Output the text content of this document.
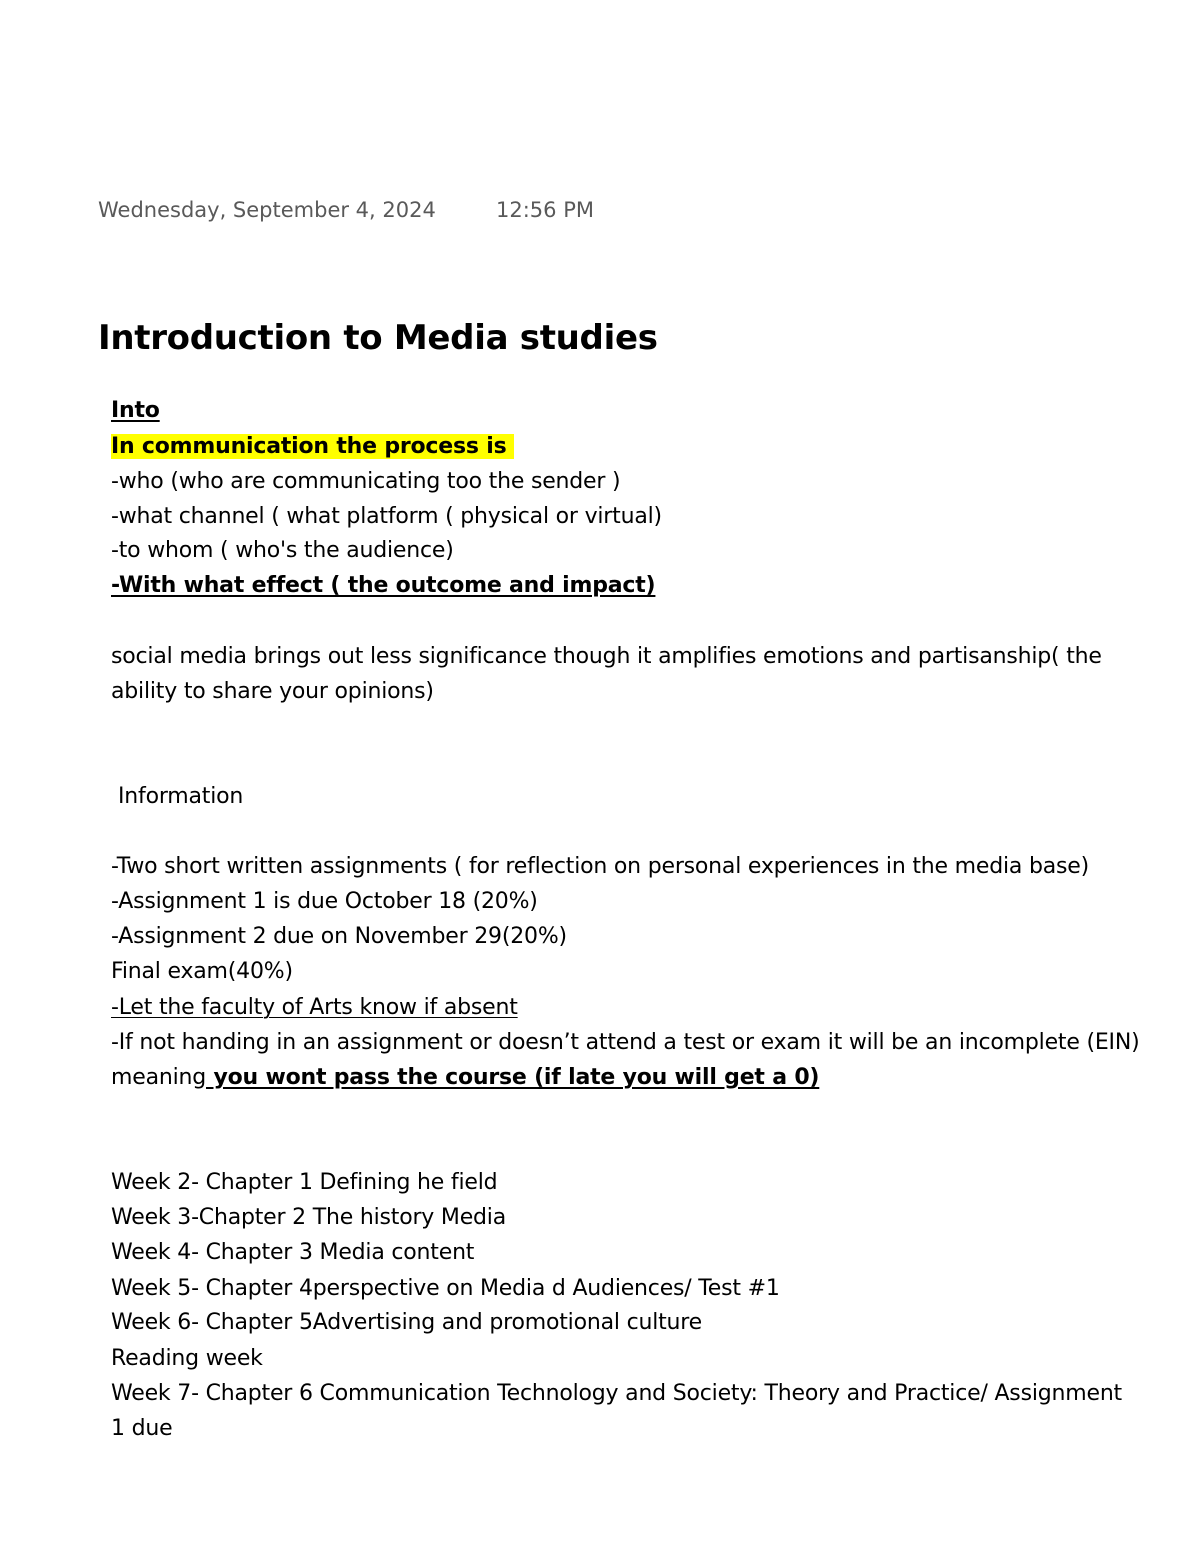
Wednesday, September 4, 2024	12:56 PM
Introduction to Media studies
Into
In communication the process is
-who (who are communicating too the sender )
-what channel ( what platform ( physical or virtual)
-to whom ( who's the audience)
-With what effect ( the outcome and impact)
social media brings out less significance though it amplifies emotions and partisanship( the
ability to share your opinions)
Information
-Two short written assignments ( for reflection on personal experiences in the media base)
-Assignment 1 is due October 18 (20%)
-Assignment 2 due on November 29(20%)
Final exam(40%)
-Let the faculty of Arts know if absent
-If not handing in an assignment or doesn’t attend a test or exam it will be an incomplete (EIN)
meaning you wont pass the course (if late you will get a 0)
Week 2- Chapter 1 Defining he field
Week 3-Chapter 2 The history Media
Week 4- Chapter 3 Media content
Week 5- Chapter 4perspective on Media d Audiences/ Test #1
Week 6- Chapter 5Advertising and promotional culture
Reading week
Week 7- Chapter 6 Communication Technology and Society: Theory and Practice/ Assignment
1 due
